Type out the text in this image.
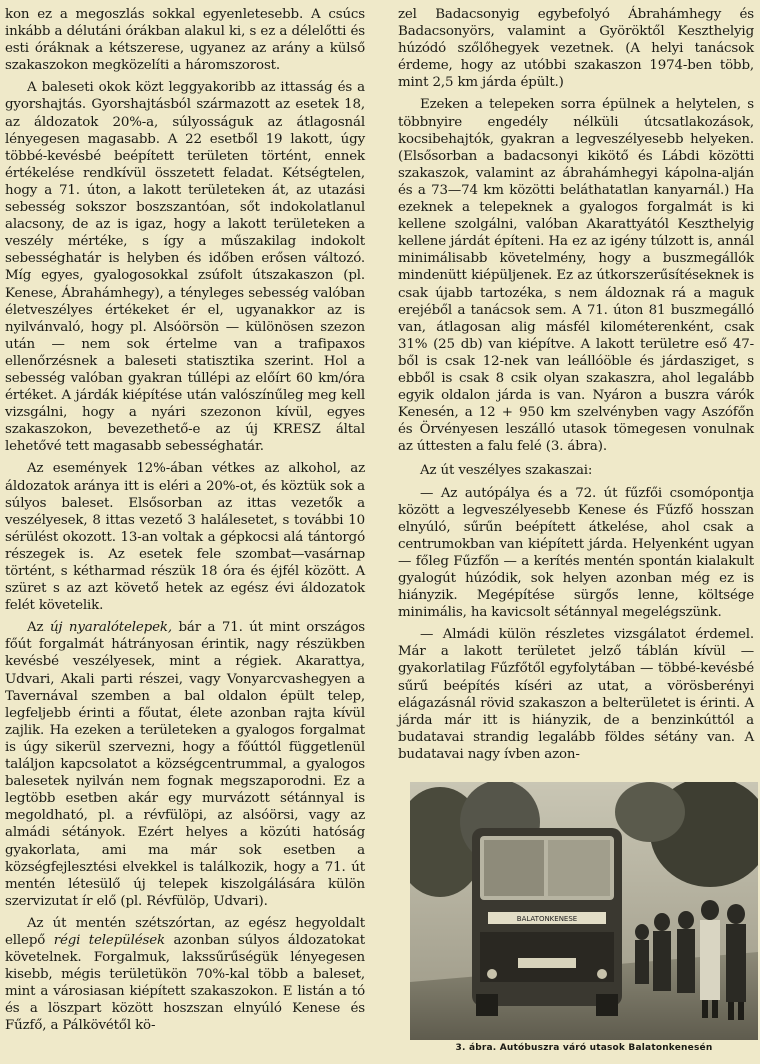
kon ez a megoszlás sokkal egyenletesebb. A csúcs inkább a délutáni órákban alakul ki, s ez a délelőtti és esti óráknak a kétszerese, ugyanez az arány a külső szakaszokon megközelíti a háromszorost.

A baleseti okok közt leggyakoribb az ittasság és a gyorshajtás. Gyorshajtásból származott az esetek 18, az áldozatok 20%-a, súlyosságuk az átlagosnál lényegesen magasabb. A 22 esetből 19 lakott, úgy többé-kevésbé beépített területen történt, ennek értékelése rendkívül összetett feladat. Kétségtelen, hogy a 71. úton, a lakott területeken át, az utazási sebesség sokszor boszszantóan, sőt indokolatlanul alacsony, de az is igaz, hogy a lakott területeken a veszély mértéke, s így a műszakilag indokolt sebességhatár is helyben és időben erősen változó. Míg egyes, gyalogosokkal zsúfolt útszakaszon (pl. Kenese, Ábrahámhegy), a tényleges sebesség valóban életveszélyes értékeket ér el, ugyanakkor az is nyilvánvaló, hogy pl. Alsóörsön — különösen szezon után — nem sok értelme van a trafipaxos ellenőrzésnek a baleseti statisztika szerint. Hol a sebesség valóban gyakran túllépi az előírt 60 km/óra értéket. A járdák kiépítése után valószínűleg meg kell vizsgálni, hogy a nyári szezonon kívül, egyes szakaszokon, bevezethető-e az új KRESZ által lehetővé tett magasabb sebességhatár.

Az események 12%-ában vétkes az alkohol, az áldozatok aránya itt is eléri a 20%-ot, és köztük sok a súlyos baleset. Elsősorban az ittas vezetők a veszélyesek, 8 ittas vezető 3 halálesetet, s további 10 sérülést okozott. 13-an voltak a gépkocsi alá tántorgó részegek is. Az esetek fele szombat—vasárnap történt, s kétharmad részük 18 óra és éjfél között. A szüret s az azt követő hetek az egész évi áldozatok felét követelik.

Az új nyaralótelepek, bár a 71. út mint országos főút forgalmát hátrányosan érintik, nagy részükben kevésbé veszélyesek, mint a régiek. Akarattya, Udvari, Akali parti részei, vagy Vonyarcvashegyen a Tavernával szemben a bal oldalon épült telep, legfeljebb érinti a főutat, élete azonban rajta kívül zajlik. Ha ezeken a területeken a gyalogos forgalmat is úgy sikerül szervezni, hogy a főúttól függetlenül találjon kapcsolatot a községcentrummal, a gyalogos balesetek nyilván nem fognak megszaporodni. Ez a legtöbb esetben akár egy murvázott sétánnyal is megoldható, pl. a révfülöpi, az alsóörsi, vagy az almádi sétányok. Ezért helyes a közúti hatóság gyakorlata, ami ma már sok esetben a községfejlesztési elvekkel is találkozik, hogy a 71. út mentén létesülő új telepek kiszolgálására külön szervizutat ír elő (pl. Révfülöp, Udvari).

Az út mentén szétszórtan, az egész hegyoldalt ellepő régi települések azonban súlyos áldozatokat követelnek. Forgalmuk, lakssűrűségük lényegesen kisebb, mégis területükön 70%-kal több a baleset, mint a városiasan kiépített szakaszokon. E listán a tó és a löszpart között hoszszan elnyúló Kenese és Fűzfő, a Pálkövétől kö-

zel Badacsonyig egybefolyó Ábrahámhegy és Badacsonyörs, valamint a Györöktől Keszthelyig húzódó szőlőhegyek vezetnek. (A helyi tanácsok érdeme, hogy az utóbbi szakaszon 1974-ben több, mint 2,5 km járda épült.)

Ezeken a telepeken sorra épülnek a helytelen, s többnyire engedély nélküli útcsatlakozások, kocsibehajtók, gyakran a legveszélyesebb helyeken. (Elsősorban a badacsonyi kikötő és Lábdi közötti szakaszok, valamint az ábrahámhegyi kápolna-alján és a 73—74 km közötti beláthatatlan kanyarnál.) Ha ezeknek a telepeknek a gyalogos forgalmát is ki kellene szolgálni, valóban Akarattyától Keszthelyig kellene járdát építeni. Ha ez az igény túlzott is, annál minimálisabb követelmény, hogy a buszmegállók mindenütt kiépüljenek. Ez az útkorszerűsítéseknek is csak újabb tartozéka, s nem áldoznak rá a maguk erejéből a tanácsok sem. A 71. úton 81 buszmegálló van, átlagosan alig másfél kilométerenként, csak 31% (25 db) van kiépítve. A lakott területre eső 47-ből is csak 12-nek van leállóöble és járdasziget, s ebből is csak 8 csik olyan szakaszra, ahol legalább egyik oldalon járda is van. Nyáron a buszra várók Kenesén, a 12 + 950 km szelvényben vagy Aszófőn és Örvényesen leszálló utasok tömegesen vonulnak az úttesten a falu felé (3. ábra).

Az út veszélyes szakaszai:

— Az autópálya és a 72. út fűzfői csomópontja között a legveszélyesebb Kenese és Fűzfő hosszan elnyúló, sűrűn beépített átkelése, ahol csak a centrumokban van kiépített járda. Helyenként ugyan — főleg Fűzfőn — a kerítés mentén spontán kialakult gyalogút húzódik, sok helyen azonban még ez is hiányzik. Megépítése sürgős lenne, költsége minimális, ha kavicsolt sétánnyal megelégszünk.

— Almádi külön részletes vizsgálatot érdemel. Már a lakott területet jelző táblán kívül — gyakorlatilag Fűzfőtől egyfolytában — többé-kevésbé sűrű beépítés kíséri az utat, a vörösberényi elágazásnál rövid szakaszon a belterületet is érinti. A járda már itt is hiányzik, de a benzinkúttól a budatavai strandig legalább földes sétány van. A budatavai nagy ívben azon-

BALATONKENESE
3. ábra. Autóbuszra váró utasok Balatonkenesén
